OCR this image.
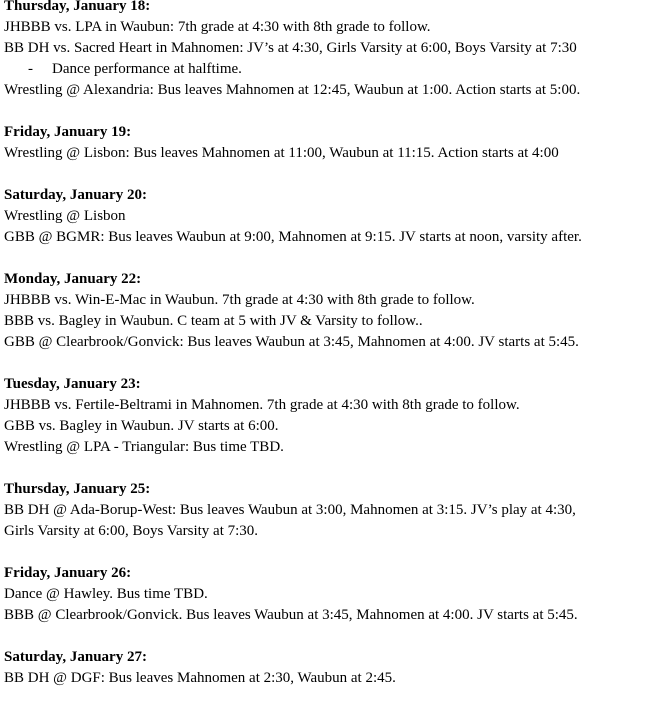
Thursday, January 18:
JHBBB vs. LPA in Waubun: 7th grade at 4:30 with 8th grade to follow.
BB DH vs. Sacred Heart in Mahnomen: JV’s at 4:30, Girls Varsity at 6:00, Boys Varsity at 7:30
- Dance performance at halftime.
Wrestling @ Alexandria: Bus leaves Mahnomen at 12:45, Waubun at 1:00. Action starts at 5:00.
Friday, January 19:
Wrestling @ Lisbon: Bus leaves Mahnomen at 11:00, Waubun at 11:15. Action starts at 4:00
Saturday, January 20:
Wrestling @ Lisbon
GBB @ BGMR: Bus leaves Waubun at 9:00, Mahnomen at 9:15. JV starts at noon, varsity after.
Monday, January 22:
JHBBB vs. Win-E-Mac in Waubun. 7th grade at 4:30 with 8th grade to follow.
BBB vs. Bagley in Waubun. C team at 5 with JV & Varsity to follow..
GBB @ Clearbrook/Gonvick: Bus leaves Waubun at 3:45, Mahnomen at 4:00. JV starts at 5:45.
Tuesday, January 23:
JHBBB vs. Fertile-Beltrami in Mahnomen. 7th grade at 4:30 with 8th grade to follow.
GBB vs. Bagley in Waubun. JV starts at 6:00.
Wrestling @ LPA - Triangular: Bus time TBD.
Thursday, January 25:
BB DH @ Ada-Borup-West: Bus leaves Waubun at 3:00, Mahnomen at 3:15. JV’s play at 4:30,
Girls Varsity at 6:00, Boys Varsity at 7:30.
Friday, January 26:
Dance @ Hawley. Bus time TBD.
BBB @ Clearbrook/Gonvick. Bus leaves Waubun at 3:45, Mahnomen at 4:00. JV starts at 5:45.
Saturday, January 27:
BB DH @ DGF: Bus leaves Mahnomen at 2:30, Waubun at 2:45.
